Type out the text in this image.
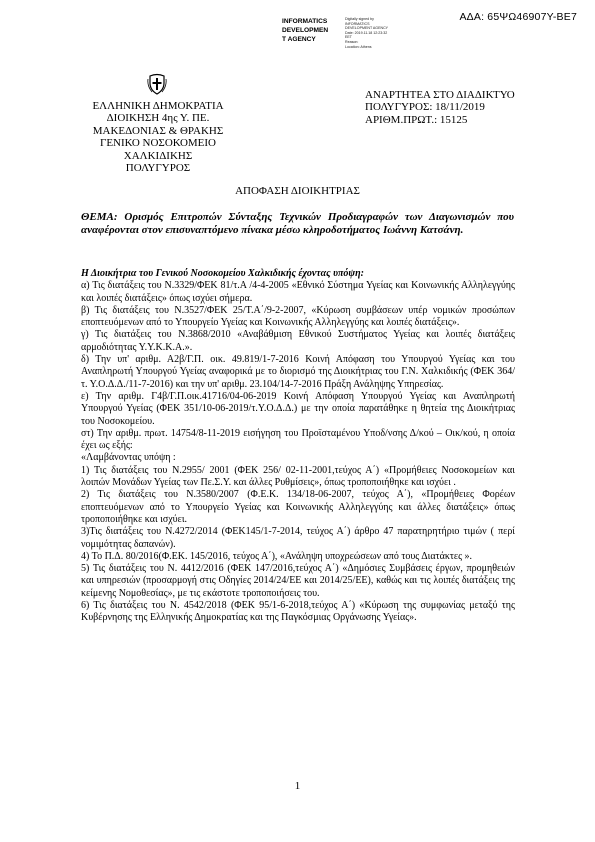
ΑΔΑ: 65ΨΩ46907Υ-ΒΕ7
INFORMATICS
DEVELOPMEN
T AGENCY
Digitally signed by
INFORMATICS
DEVELOPMENT AGENCY
Date: 2019.11.18 12:23:32
EET
Reason:
Location: Athens
ΕΛΛΗΝΙΚΗ ΔΗΜΟΚΡΑΤΙΑ
ΔΙΟΙΚΗΣΗ 4ης Υ. ΠΕ.
ΜΑΚΕΔΟΝΙΑΣ & ΘΡΑΚΗΣ
ΓΕΝΙΚΟ ΝΟΣΟΚΟΜΕΙΟ ΧΑΛΚΙΔΙΚΗΣ
ΠΟΛΥΓΥΡΟΣ
ΑΝΑΡΤΗΤΕΑ ΣΤΟ ΔΙΑΔΙΚΤΥΟ
ΠΟΛΥΓΥΡΟΣ: 18/11/2019
ΑΡΙΘΜ.ΠΡΩΤ.: 15125
ΑΠΟΦΑΣΗ ΔΙΟΙΚΗΤΡΙΑΣ
ΘΕΜΑ: Ορισμός Επιτροπών Σύνταξης Τεχνικών Προδιαγραφών των Διαγωνισμών που αναφέρονται στον επισυναπτόμενο πίνακα μέσω κληροδοτήματος Ιωάννη Κατσάνη.

Η Διοικήτρια του Γενικού Νοσοκομείου Χαλκιδικής έχοντας υπόψη:

α) Τις διατάξεις του Ν.3329/ΦΕΚ 81/τ.Α /4-4-2005 «Εθνικό Σύστημα Υγείας και Κοινωνικής Αλληλεγγύης και λοιπές διατάξεις» όπως ισχύει σήμερα.

β) Τις διατάξεις του Ν.3527/ΦΕΚ 25/Τ.Α΄/9-2-2007, «Κύρωση συμβάσεων υπέρ νομικών προσώπων εποπτευόμενων από το Υπουργείο Υγείας και Κοινωνικής Αλληλεγγύης και λοιπές διατάξεις».

γ) Τις διατάξεις του Ν.3868/2010 «Αναβάθμιση Εθνικού Συστήματος Υγείας και λοιπές διατάξεις αρμοδιότητας Υ.Υ.Κ.Κ.Α.».

δ) Την υπ' αριθμ. Α2β/Γ.Π. οικ. 49.819/1-7-2016 Κοινή Απόφαση του Υπουργού Υγείας και του Αναπληρωτή Υπουργού Υγείας αναφορικά με το διορισμό της Διοικήτριας του Γ.Ν. Χαλκιδικής (ΦΕΚ 364/τ. Υ.Ο.Δ.Δ./11-7-2016) και την υπ' αριθμ. 23.104/14-7-2016 Πράξη Ανάληψης Υπηρεσίας.

ε) Την αριθμ. Γ4β/Γ.Π.οικ.41716/04-06-2019 Κοινή Απόφαση Υπουργού Υγείας και Αναπληρωτή Υπουργού Υγείας (ΦΕΚ 351/10-06-2019/τ.Υ.Ο.Δ.Δ.) με την οποία παρατάθηκε η θητεία της Διοικήτριας του Νοσοκομείου.

στ) Την αριθμ. πρωτ. 14754/8-11-2019 εισήγηση του Προϊσταμένου Υποδ/νσης Δ/κού – Οικ/κού, η οποία έχει ως εξής:

«Λαμβάνοντας υπόψη :

1) Τις διατάξεις του Ν.2955/ 2001 (ΦΕΚ 256/ 02-11-2001,τεύχος Α΄) «Προμήθειες Νοσοκομείων και λοιπών Μονάδων Υγείας των Πε.Σ.Υ. και άλλες Ρυθμίσεις», όπως τροποποιήθηκε και ισχύει .

2) Τις διατάξεις του Ν.3580/2007 (Φ.Ε.Κ. 134/18-06-2007, τεύχος Α΄), «Προμήθειες Φορέων εποπτευόμενων από το Υπουργείο Υγείας και Κοινωνικής Αλληλεγγύης και άλλες διατάξεις» όπως τροποποιήθηκε και ισχύει.

3)Τις διατάξεις του Ν.4272/2014 (ΦΕΚ145/1-7-2014, τεύχος Α΄) άρθρο 47 παρατηρητήριο τιμών ( περί νομιμότητας δαπανών).

4) Το Π.Δ. 80/2016(Φ.ΕΚ. 145/2016, τεύχος Α΄), «Ανάληψη υποχρεώσεων από τους Διατάκτες ».

5) Τις διατάξεις του Ν. 4412/2016 (ΦΕΚ 147/2016,τεύχος Α΄) «Δημόσιες Συμβάσεις έργων, προμηθειών και υπηρεσιών (προσαρμογή στις Οδηγίες 2014/24/ΕΕ και 2014/25/ΕΕ), καθώς και τις λοιπές διατάξεις της κείμενης Νομοθεσίας», με τις εκάστοτε τροποποιήσεις του.

6) Τις διατάξεις του Ν. 4542/2018 (ΦΕΚ 95/1-6-2018,τεύχος Α΄) «Κύρωση της συμφωνίας μεταξύ της Κυβέρνησης της Ελληνικής Δημοκρατίας και της Παγκόσμιας Οργάνωσης Υγείας».

1
